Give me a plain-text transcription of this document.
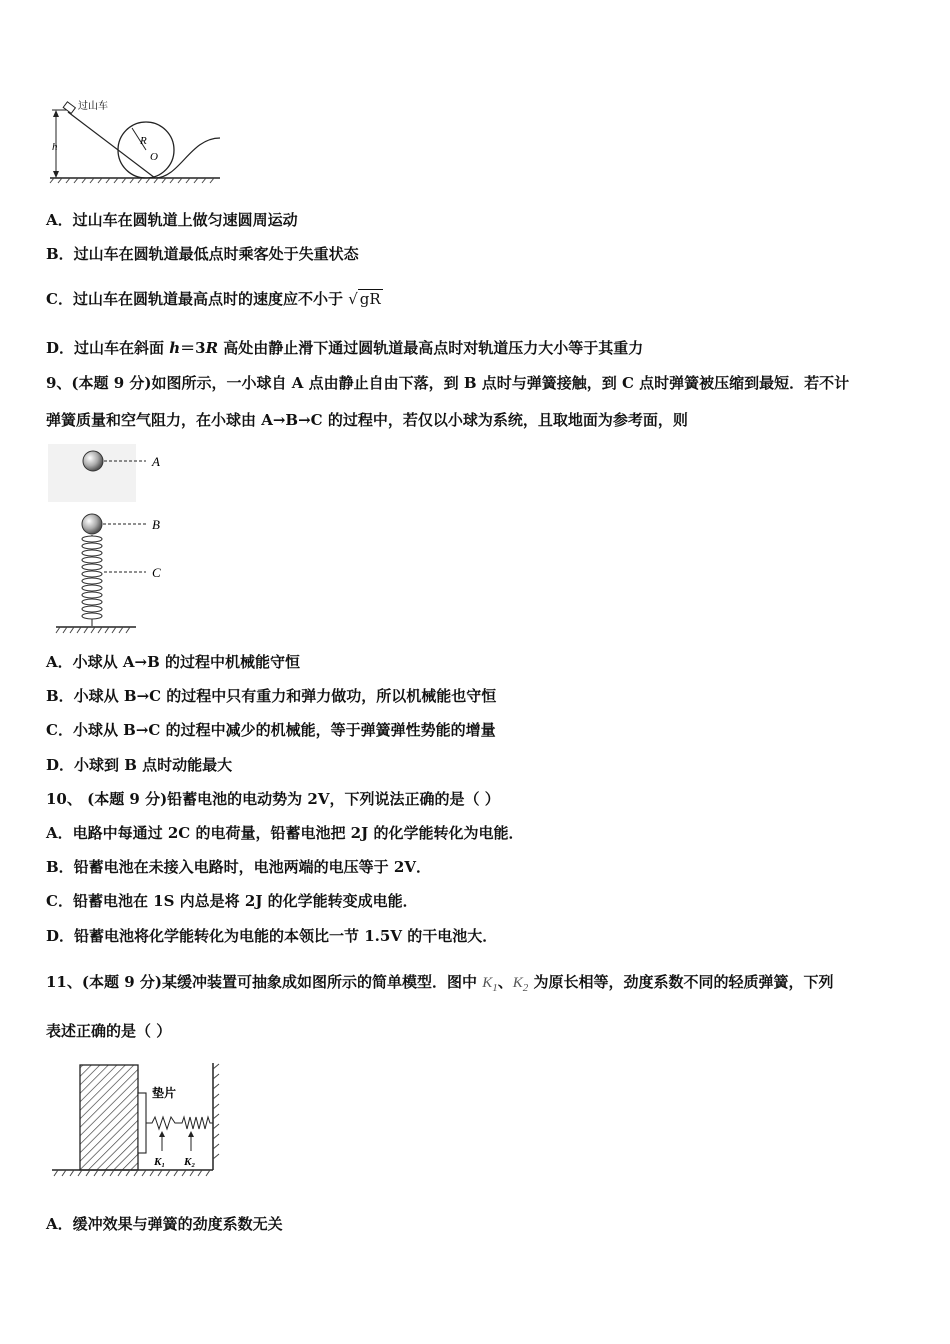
h
过山车
R
O
A．过山车在圆轨道上做匀速圆周运动
B．过山车在圆轨道最低点时乘客处于失重状态
C．过山车在圆轨道最高点时的速度应不小于 √ gR
D．过山车在斜面 h＝3R 高处由静止滑下通过圆轨道最高点时对轨道压力大小等于其重力
9、(本题 9 分)如图所示，一小球自 A 点由静止自由下落，到 B 点时与弹簧接触，到 C 点时弹簧被压缩到最短．若不计
弹簧质量和空气阻力，在小球由 A→B→C 的过程中，若仅以小球为系统，且取地面为参考面，则
A
B
C
A．小球从 A→B 的过程中机械能守恒
B．小球从 B→C 的过程中只有重力和弹力做功，所以机械能也守恒
C．小球从 B→C 的过程中减少的机械能，等于弹簧弹性势能的增量
D．小球到 B 点时动能最大
10、 (本题 9 分)铅蓄电池的电动势为 2V，下列说法正确的是（ ）
A．电路中每通过 2C 的电荷量，铅蓄电池把 2J 的化学能转化为电能．
B．铅蓄电池在未接入电路时，电池两端的电压等于 2V．
C．铅蓄电池在 1S 内总是将 2J 的化学能转变成电能．
D．铅蓄电池将化学能转化为电能的本领比一节 1.5V 的干电池大．
11、(本题 9 分)某缓冲装置可抽象成如图所示的简单模型．图中 $K_1$、$K_2$ 为原长相等，劲度系数不同的轻质弹簧，下列
表述正确的是（ ）
垫片
K₁ K₂
A．缓冲效果与弹簧的劲度系数无关
